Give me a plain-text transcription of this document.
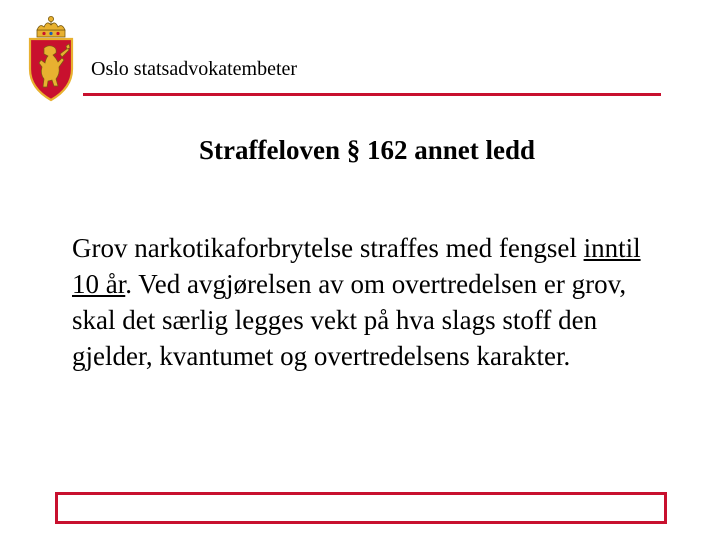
Oslo statsadvokatembeter
Straffeloven § 162 annet ledd
Grov narkotikaforbrytelse straffes med fengsel inntil 10 år. Ved avgjørelsen av om overtredelsen er grov, skal det særlig legges vekt på hva slags stoff den gjelder, kvantumet og overtredelsens karakter.
